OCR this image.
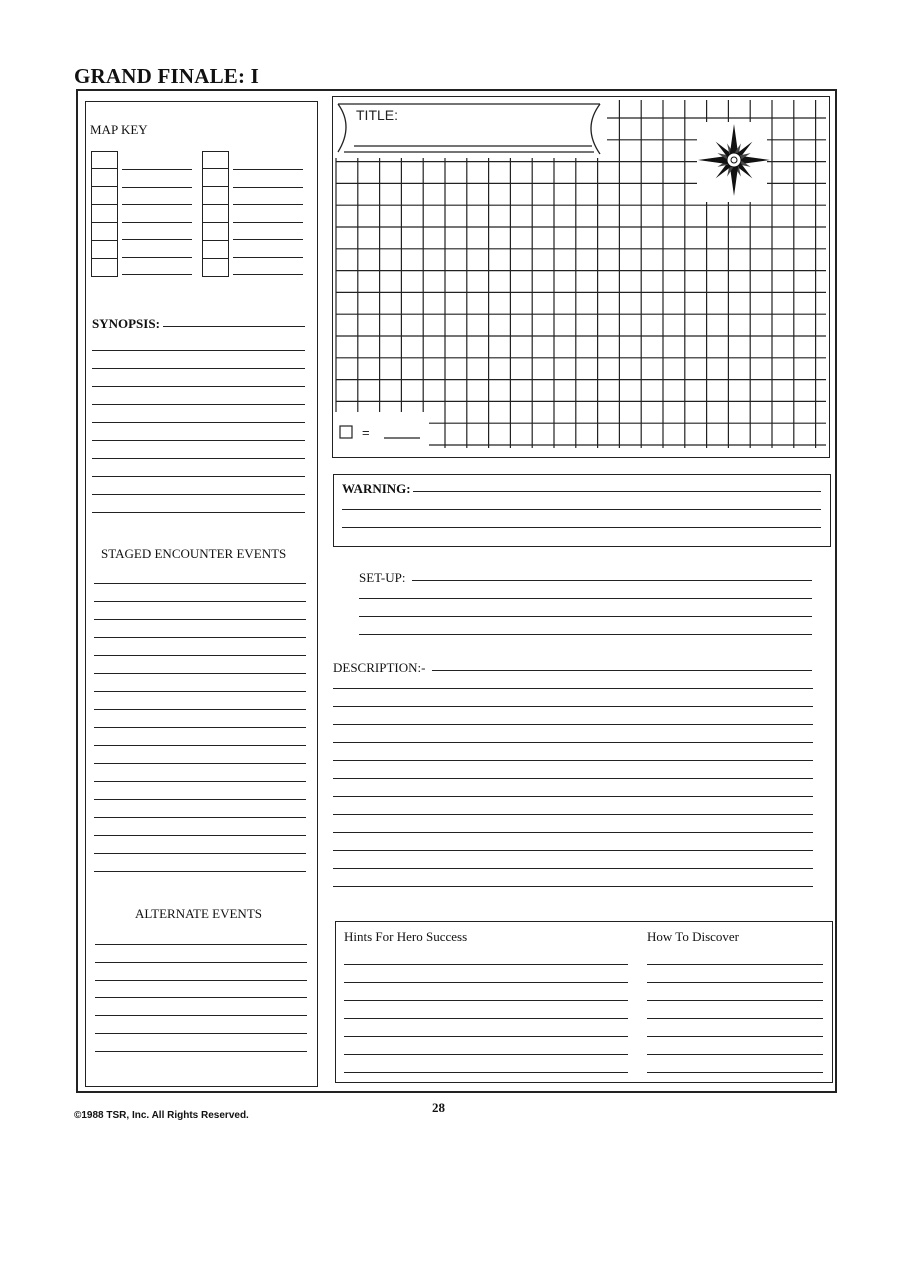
GRAND FINALE: I
MAP KEY
SYNOPSIS:
STAGED ENCOUNTER EVENTS
ALTERNATE EVENTS
TITLE:
=
WARNING:
SET-UP:
DESCRIPTION:-
Hints For Hero Success	How To Discover
©1988 TSR, Inc. All Rights Reserved.
28
